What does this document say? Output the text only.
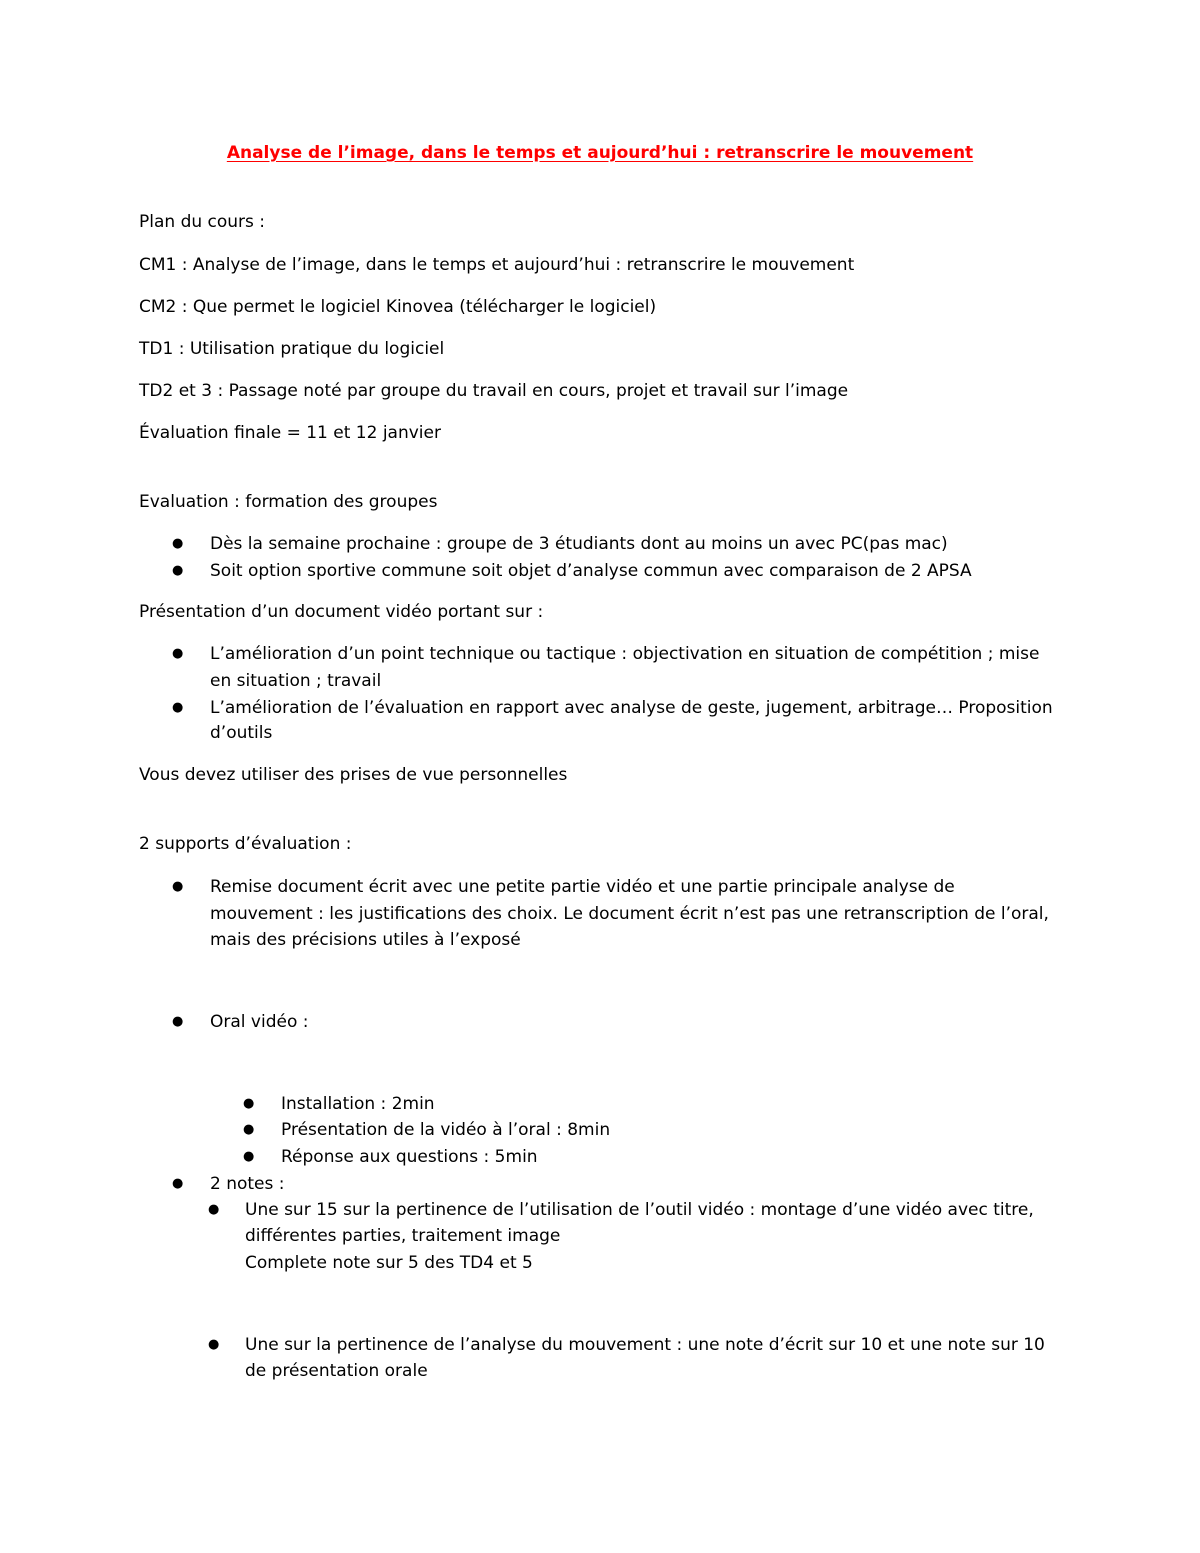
Analyse de l’image, dans le temps et aujourd’hui : retranscrire le mouvement
Plan du cours :
CM1 : Analyse de l’image, dans le temps et aujourd’hui : retranscrire le mouvement
CM2 : Que permet le logiciel Kinovea (télécharger le logiciel)
TD1 : Utilisation pratique du logiciel
TD2 et 3 : Passage noté par groupe du travail en cours, projet et travail sur l’image
Évaluation finale = 11 et 12 janvier
Evaluation : formation des groupes
● Dès la semaine prochaine : groupe de 3 étudiants dont au moins un avec PC(pas mac)
● Soit option sportive commune soit objet d’analyse commun avec comparaison de 2 APSA
Présentation d’un document vidéo portant sur :
● L’amélioration d’un point technique ou tactique : objectivation en situation de compétition ; mise
en situation ; travail
● L’amélioration de l’évaluation en rapport avec analyse de geste, jugement, arbitrage… Proposition
d’outils
Vous devez utiliser des prises de vue personnelles
2 supports d’évaluation :
● Remise document écrit avec une petite partie vidéo et une partie principale analyse de
mouvement : les justifications des choix. Le document écrit n’est pas une retranscription de l’oral,
mais des précisions utiles à l’exposé
● Oral vidéo :
● Installation : 2min
● Présentation de la vidéo à l’oral : 8min
● Réponse aux questions : 5min
● 2 notes :
● Une sur 15 sur la pertinence de l’utilisation de l’outil vidéo : montage d’une vidéo avec titre,
différentes parties, traitement image
Complete note sur 5 des TD4 et 5
● Une sur la pertinence de l’analyse du mouvement : une note d’écrit sur 10 et une note sur 10
de présentation orale
